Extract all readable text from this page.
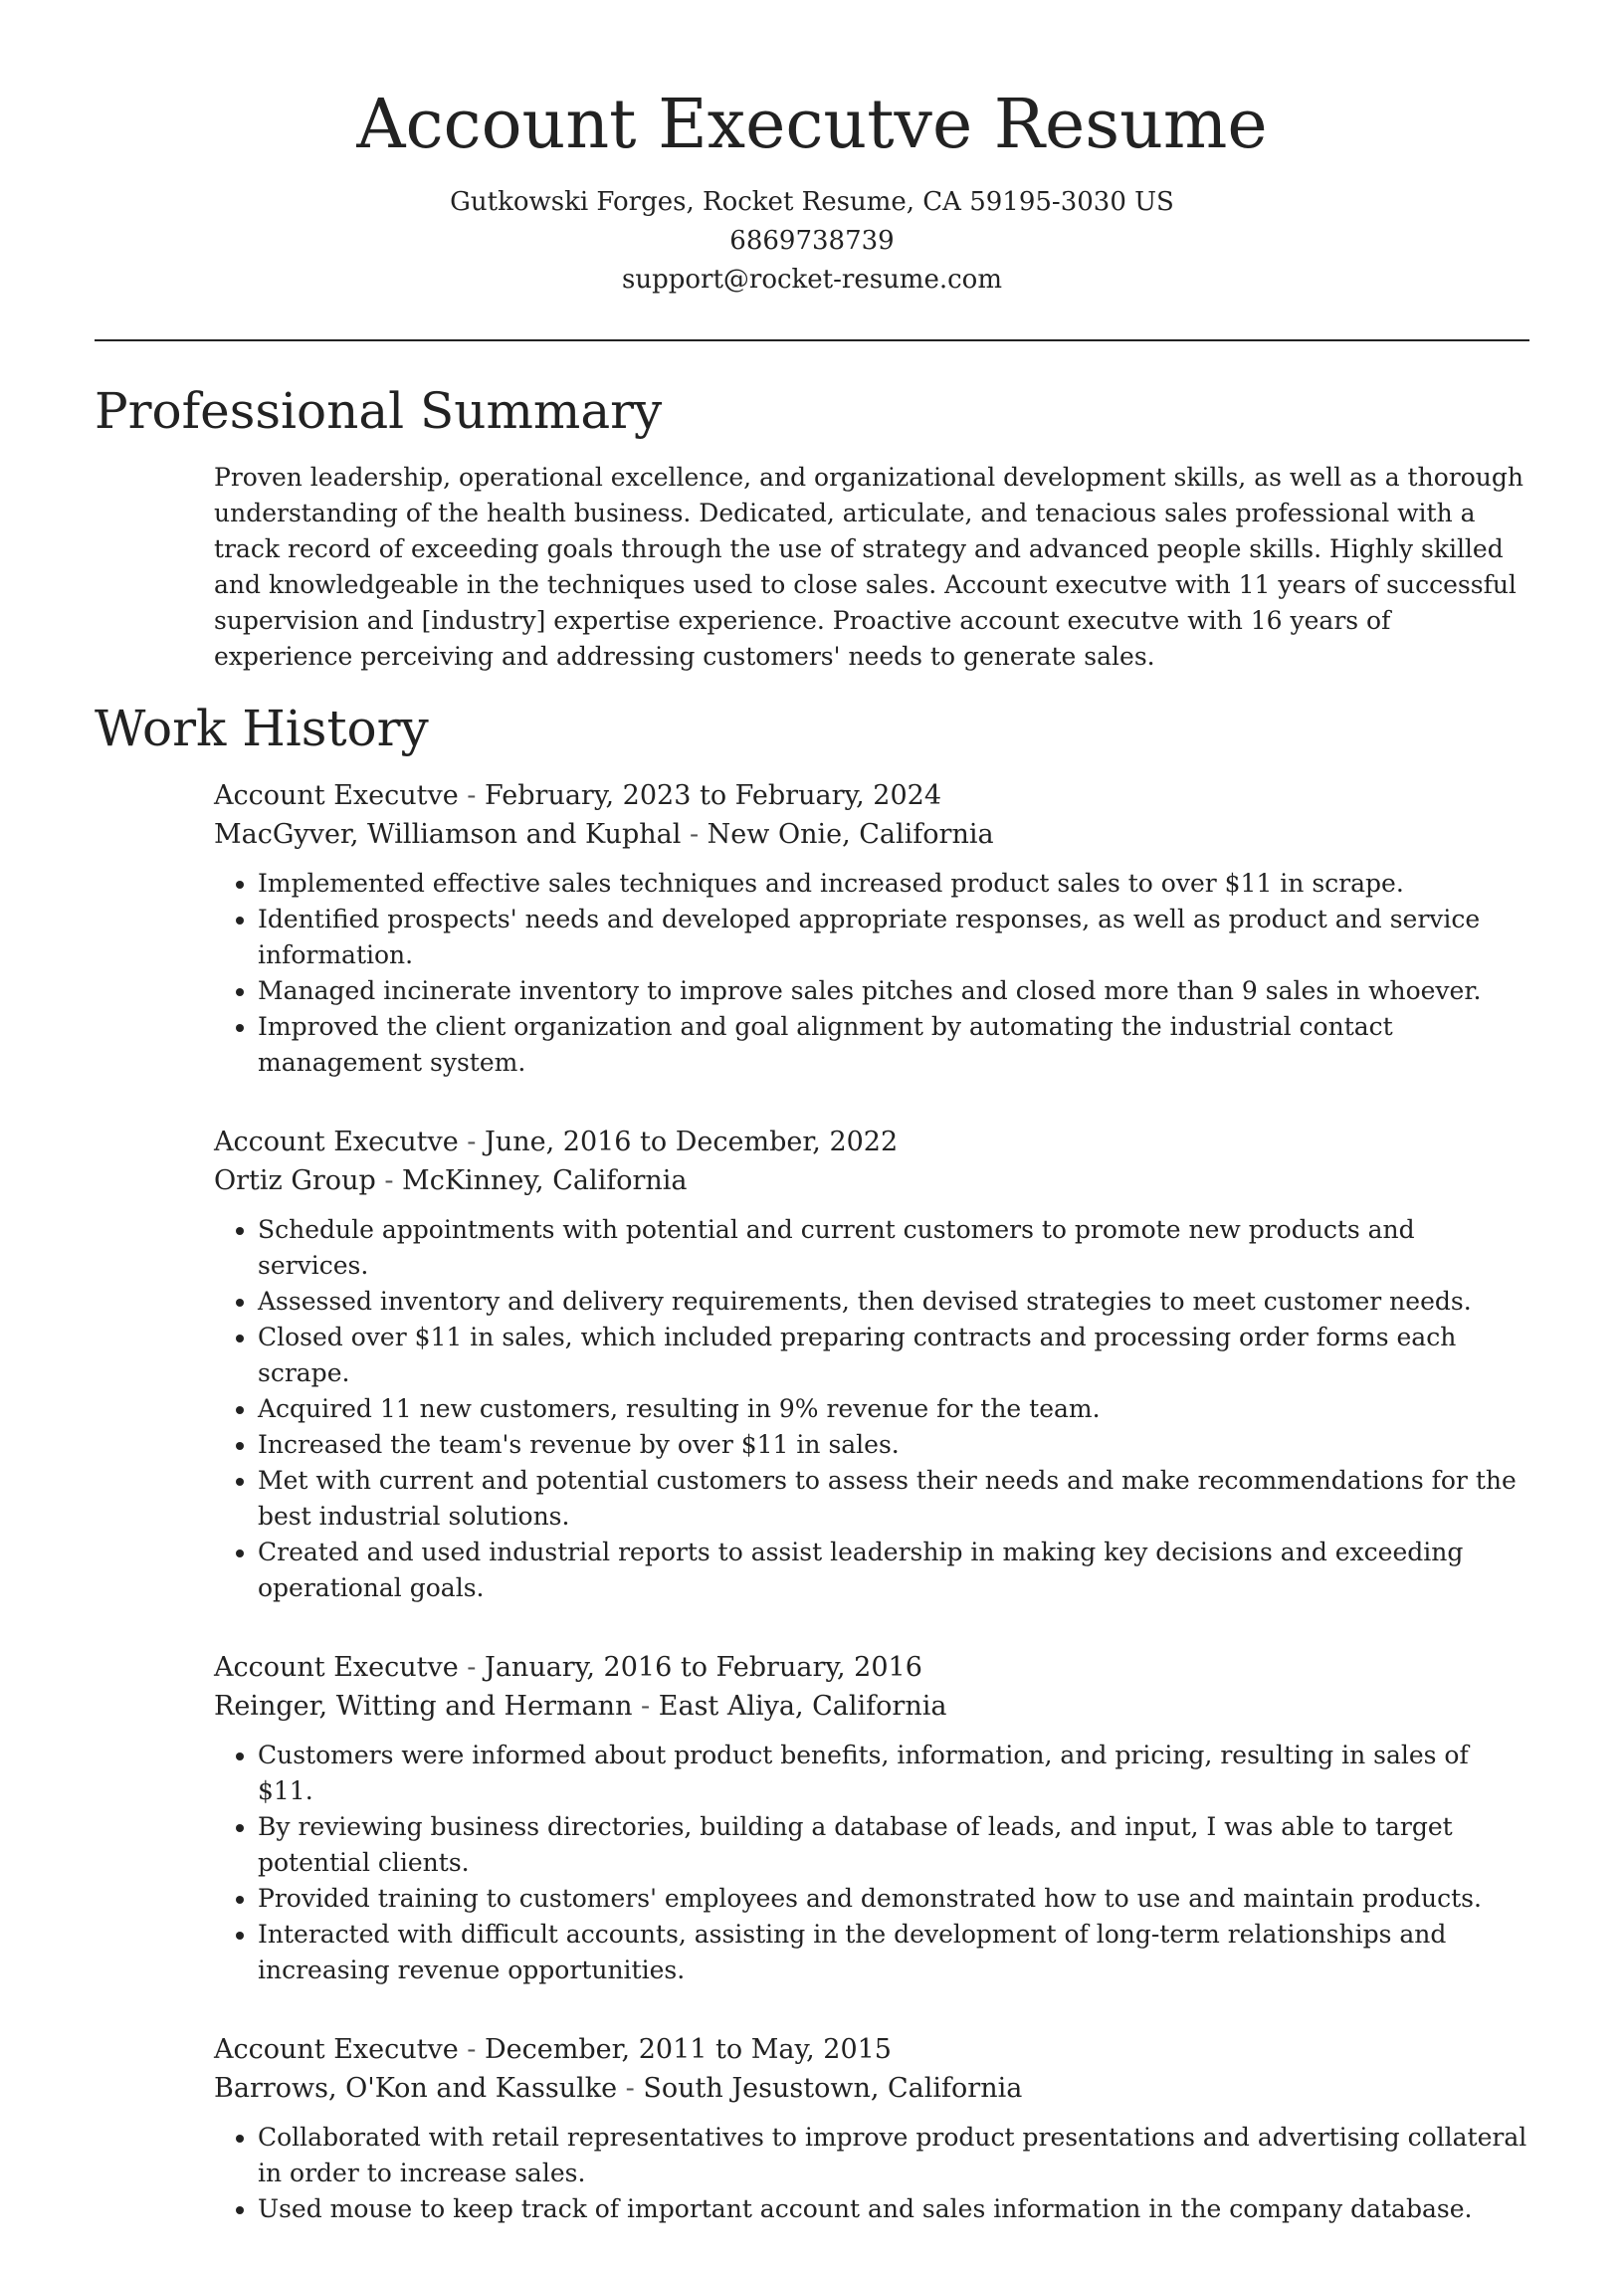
Account Executve Resume
Gutkowski Forges, Rocket Resume, CA 59195-3030 US
6869738739
support@rocket-resume.com
Professional Summary

Proven leadership, operational excellence, and organizational development skills, as well as a thorough understanding of the health business. Dedicated, articulate, and tenacious sales professional with a track record of exceeding goals through the use of strategy and advanced people skills. Highly skilled and knowledgeable in the techniques used to close sales. Account executve with 11 years of successful supervision and [industry] expertise experience. Proactive account executve with 16 years of experience perceiving and addressing customers' needs to generate sales.

Work History
Account Executve - February, 2023 to February, 2024
MacGyver, Williamson and Kuphal - New Onie, California
• Implemented effective sales techniques and increased product sales to over $11 in scrape.
• Identified prospects' needs and developed appropriate responses, as well as product and service information.
• Managed incinerate inventory to improve sales pitches and closed more than 9 sales in whoever.
• Improved the client organization and goal alignment by automating the industrial contact management system.
Account Executve - June, 2016 to December, 2022
Ortiz Group - McKinney, California
• Schedule appointments with potential and current customers to promote new products and services.
• Assessed inventory and delivery requirements, then devised strategies to meet customer needs.
• Closed over $11 in sales, which included preparing contracts and processing order forms each scrape.
• Acquired 11 new customers, resulting in 9% revenue for the team.
• Increased the team's revenue by over $11 in sales.
• Met with current and potential customers to assess their needs and make recommendations for the best industrial solutions.
• Created and used industrial reports to assist leadership in making key decisions and exceeding operational goals.
Account Executve - January, 2016 to February, 2016
Reinger, Witting and Hermann - East Aliya, California
• Customers were informed about product benefits, information, and pricing, resulting in sales of $11.
• By reviewing business directories, building a database of leads, and input, I was able to target potential clients.
• Provided training to customers' employees and demonstrated how to use and maintain products.
• Interacted with difficult accounts, assisting in the development of long-term relationships and increasing revenue opportunities.
Account Executve - December, 2011 to May, 2015
Barrows, O'Kon and Kassulke - South Jesustown, California
• Collaborated with retail representatives to improve product presentations and advertising collateral in order to increase sales.
• Used mouse to keep track of important account and sales information in the company database.
